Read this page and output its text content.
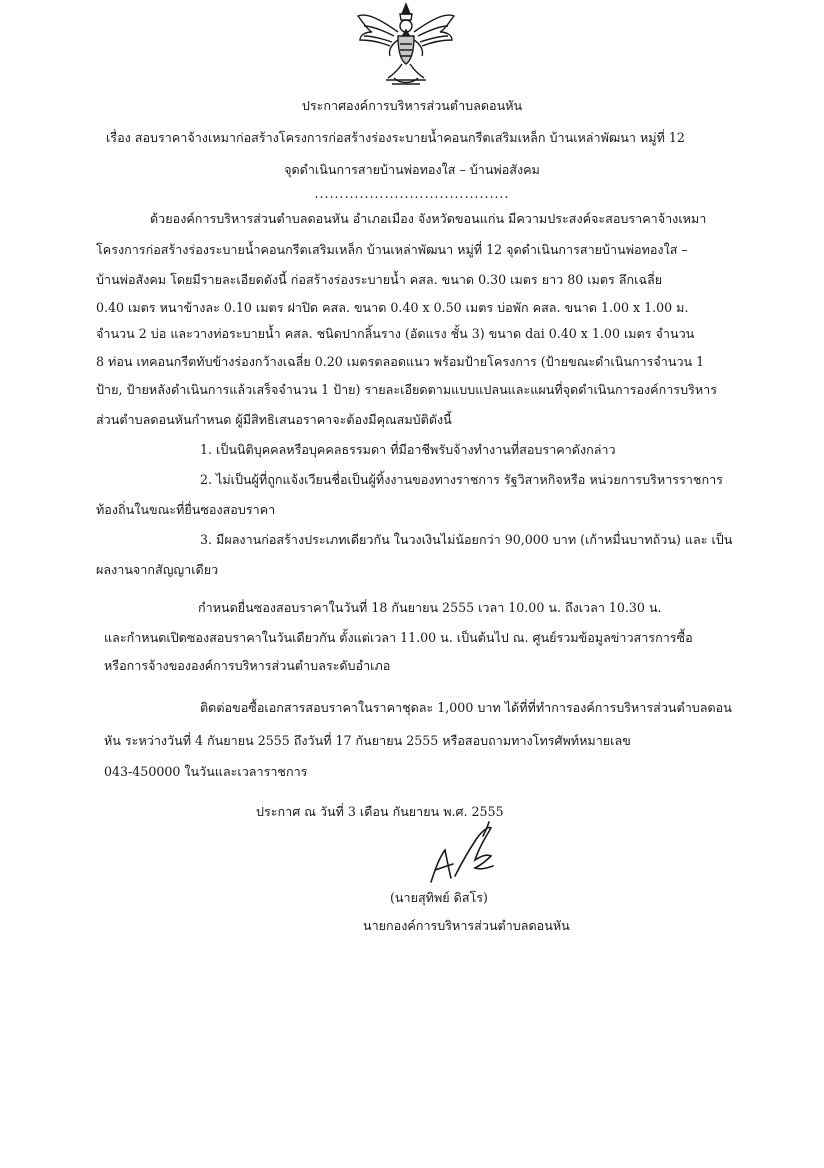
ประกาศองค์การบริหารส่วนตำบลดอนหัน
เรื่อง สอบราคาจ้างเหมาก่อสร้างโครงการก่อสร้างร่องระบายน้ำคอนกรีตเสริมเหล็ก บ้านเหล่าพัฒนา หมู่ที่ 12
จุดดำเนินการสายบ้านพ่อทองใส – บ้านพ่อสังคม
.......................................
ด้วยองค์การบริหารส่วนตำบลดอนหัน อำเภอเมือง จังหวัดขอนแก่น มีความประสงค์จะสอบราคาจ้างเหมา
โครงการก่อสร้างร่องระบายน้ำคอนกรีตเสริมเหล็ก บ้านเหล่าพัฒนา หมู่ที่ 12 จุดดำเนินการสายบ้านพ่อทองใส –
บ้านพ่อสังคม โดยมีรายละเอียดดังนี้ ก่อสร้างร่องระบายน้ำ คสล. ขนาด 0.30 เมตร ยาว 80 เมตร ลึกเฉลี่ย
0.40 เมตร หนาข้างละ 0.10 เมตร ฝาปิด คสล. ขนาด 0.40 x 0.50 เมตร บ่อพัก คสล. ขนาด 1.00 x 1.00 ม.
จำนวน 2 บ่อ และวางท่อระบายน้ำ คสล. ชนิดปากลิ้นราง (อัดแรง ชั้น 3) ขนาด dai 0.40 x 1.00 เมตร จำนวน
8 ท่อน เทคอนกรีตทับข้างร่องกว้างเฉลี่ย 0.20 เมตรตลอดแนว พร้อมป้ายโครงการ (ป้ายขณะดำเนินการจำนวน 1
ป้าย, ป้ายหลังดำเนินการแล้วเสร็จจำนวน 1 ป้าย) รายละเอียดตามแบบแปลนและแผนที่จุดดำเนินการองค์การบริหาร
ส่วนตำบลดอนหันกำหนด ผู้มีสิทธิเสนอราคาจะต้องมีคุณสมบัติดังนี้
1. เป็นนิติบุคคลหรือบุคคลธรรมดา ที่มีอาชีพรับจ้างทำงานที่สอบราคาดังกล่าว
2. ไม่เป็นผู้ที่ถูกแจ้งเวียนชื่อเป็นผู้ทิ้งงานของทางราชการ รัฐวิสาหกิจหรือ หน่วยการบริหารราชการ
ท้องถิ่นในขณะที่ยื่นซองสอบราคา
3. มีผลงานก่อสร้างประเภทเดียวกัน ในวงเงินไม่น้อยกว่า 90,000 บาท (เก้าหมื่นบาทถ้วน) และ เป็น
ผลงานจากสัญญาเดียว
กำหนดยื่นซองสอบราคาในวันที่ 18 กันยายน 2555 เวลา 10.00 น. ถึงเวลา 10.30 น.
และกำหนดเปิดซองสอบราคาในวันเดียวกัน ตั้งแต่เวลา 11.00 น. เป็นต้นไป ณ. ศูนย์รวมข้อมูลข่าวสารการซื้อ
หรือการจ้างขององค์การบริหารส่วนตำบลระดับอำเภอ
ติดต่อขอซื้อเอกสารสอบราคาในราคาชุดละ 1,000 บาท ได้ที่ที่ทำการองค์การบริหารส่วนตำบลดอน
หัน ระหว่างวันที่ 4 กันยายน 2555 ถึงวันที่ 17 กันยายน 2555 หรือสอบถามทางโทรศัพท์หมายเลข
043-450000 ในวันและเวลาราชการ
ประกาศ ณ วันที่ 3 เดือน กันยายน พ.ศ. 2555
(นายสุทิพย์ ดิสโร)
นายกองค์การบริหารส่วนตำบลดอนหัน
